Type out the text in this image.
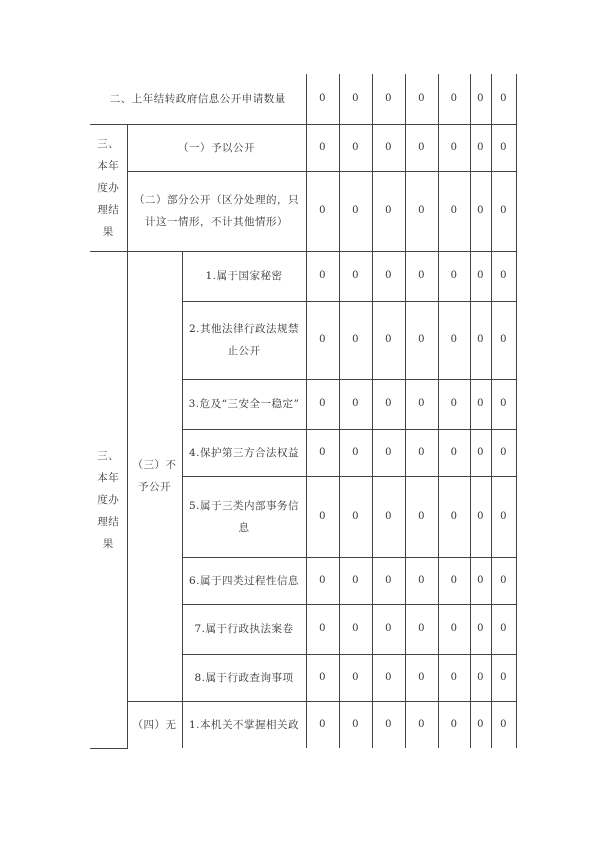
二、上年结转政府信息公开申请数量			0	0	0	0	0	0	0
三、本年度办理结果	（一）予以公开		0	0	0	0	0	0	0
	（二）部分公开（区分处理的，只计这一情形，不计其他情形）		0	0	0	0	0	0	0
三、本年度办理结果	（三）不予公开	1.属于国家秘密	0	0	0	0	0	0	0
		2.其他法律行政法规禁止公开	0	0	0	0	0	0	0
		3.危及“三安全一稳定”	0	0	0	0	0	0	0
		4.保护第三方合法权益	0	0	0	0	0	0	0
		5.属于三类内部事务信息	0	0	0	0	0	0	0
		6.属于四类过程性信息	0	0	0	0	0	0	0
		7.属于行政执法案卷	0	0	0	0	0	0	0
		8.属于行政查询事项	0	0	0	0	0	0	0
	（四）无	1.本机关不掌握相关政	0	0	0	0	0	0	0
